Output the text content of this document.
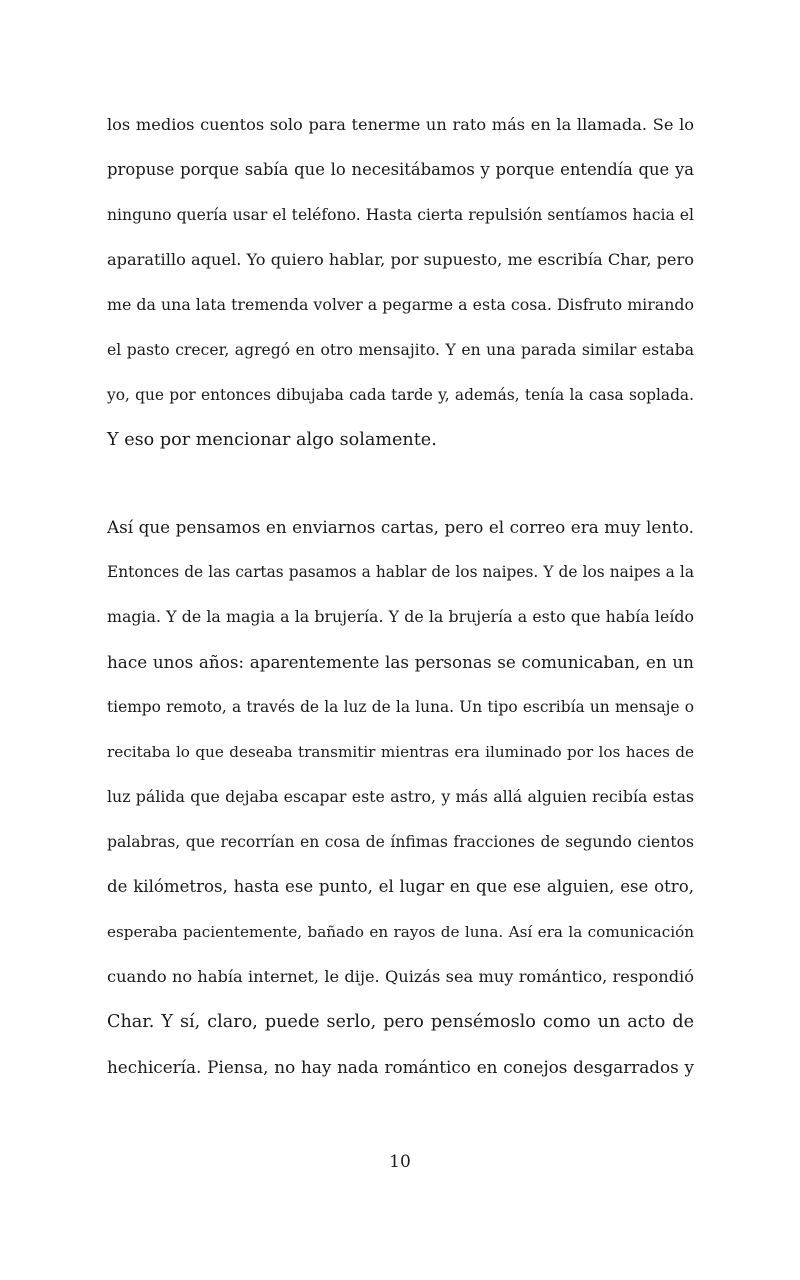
los medios cuentos solo para tenerme un rato más en la llamada. Se lo
propuse porque sabía que lo necesitábamos y porque entendía que ya
ninguno quería usar el teléfono. Hasta cierta repulsión sentíamos hacia el
aparatillo aquel. Yo quiero hablar, por supuesto, me escribía Char, pero
me da una lata tremenda volver a pegarme a esta cosa. Disfruto mirando
el pasto crecer, agregó en otro mensajito. Y en una parada similar estaba
yo, que por entonces dibujaba cada tarde y, además, tenía la casa soplada.
Y eso por mencionar algo solamente.
Así que pensamos en enviarnos cartas, pero el correo era muy lento.
Entonces de las cartas pasamos a hablar de los naipes. Y de los naipes a la
magia. Y de la magia a la brujería. Y de la brujería a esto que había leído
hace unos años: aparentemente las personas se comunicaban, en un
tiempo remoto, a través de la luz de la luna. Un tipo escribía un mensaje o
recitaba lo que deseaba transmitir mientras era iluminado por los haces de
luz pálida que dejaba escapar este astro, y más allá alguien recibía estas
palabras, que recorrían en cosa de ínfimas fracciones de segundo cientos
de kilómetros, hasta ese punto, el lugar en que ese alguien, ese otro,
esperaba pacientemente, bañado en rayos de luna. Así era la comunicación
cuando no había internet, le dije. Quizás sea muy romántico, respondió
Char. Y sí, claro, puede serlo, pero pensémoslo como un acto de
hechicería. Piensa, no hay nada romántico en conejos desgarrados y
10
